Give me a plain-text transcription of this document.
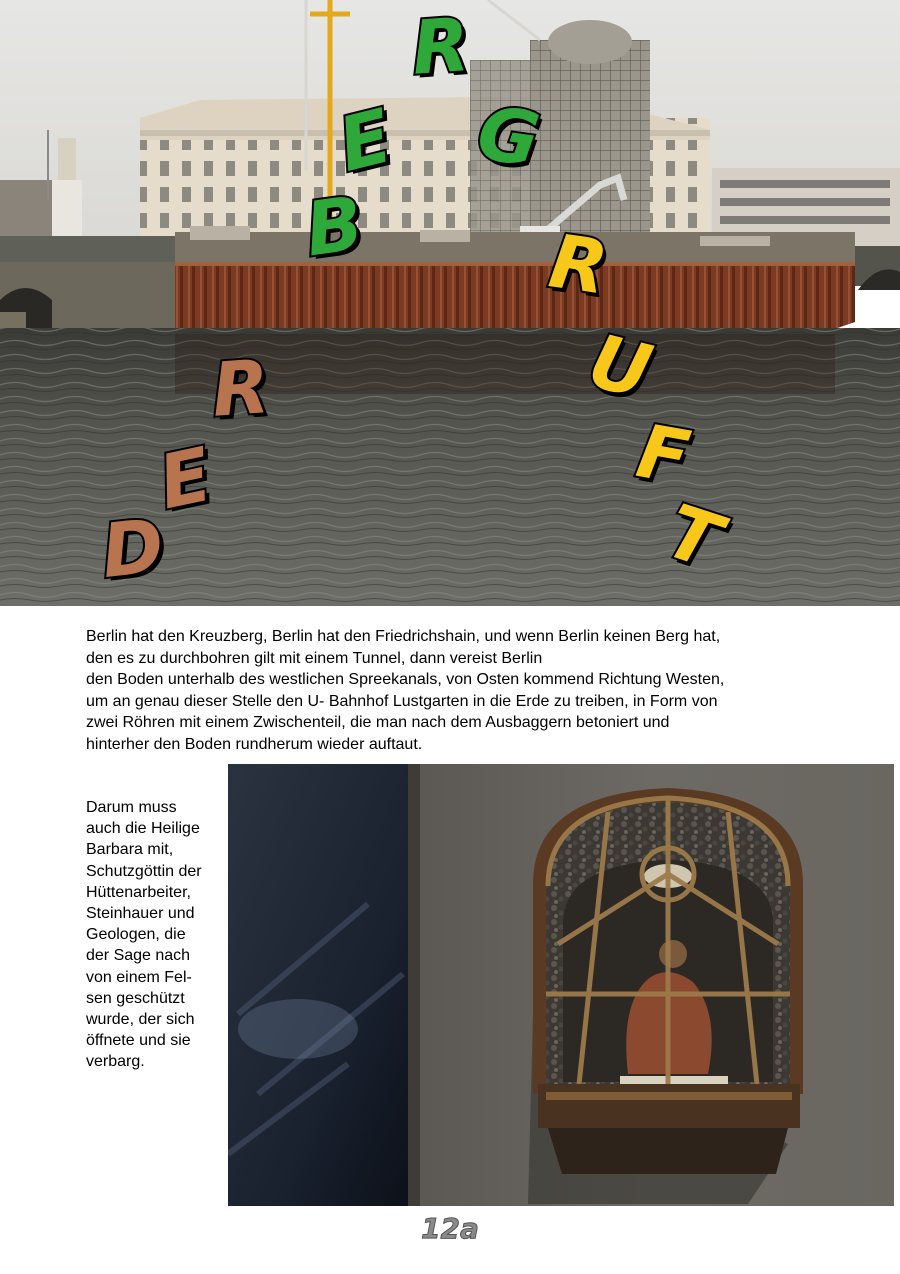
D
E
R
B
E
R
G
R
U
F
T

Berlin hat den Kreuzberg, Berlin hat den Friedrichshain, und wenn Berlin keinen Berg hat,
den es zu durchbohren gilt mit einem Tunnel, dann vereist Berlin
den Boden unterhalb des westlichen Spreekanals, von Osten kommend Richtung Westen,
um an genau dieser Stelle den U- Bahnhof Lustgarten in die Erde zu treiben, in Form von
zwei Röhren mit einem Zwischenteil, die man nach dem Ausbaggern betoniert und
hinterher den Boden rundherum wieder auftaut.

Darum muss
auch die Heilige
Barbara mit,
Schutzgöttin der
Hüttenarbeiter,
Steinhauer und
Geologen, die
der Sage nach
von einem Fel-
sen geschützt
wurde, der sich
öffnete und sie
verbarg.

12a
